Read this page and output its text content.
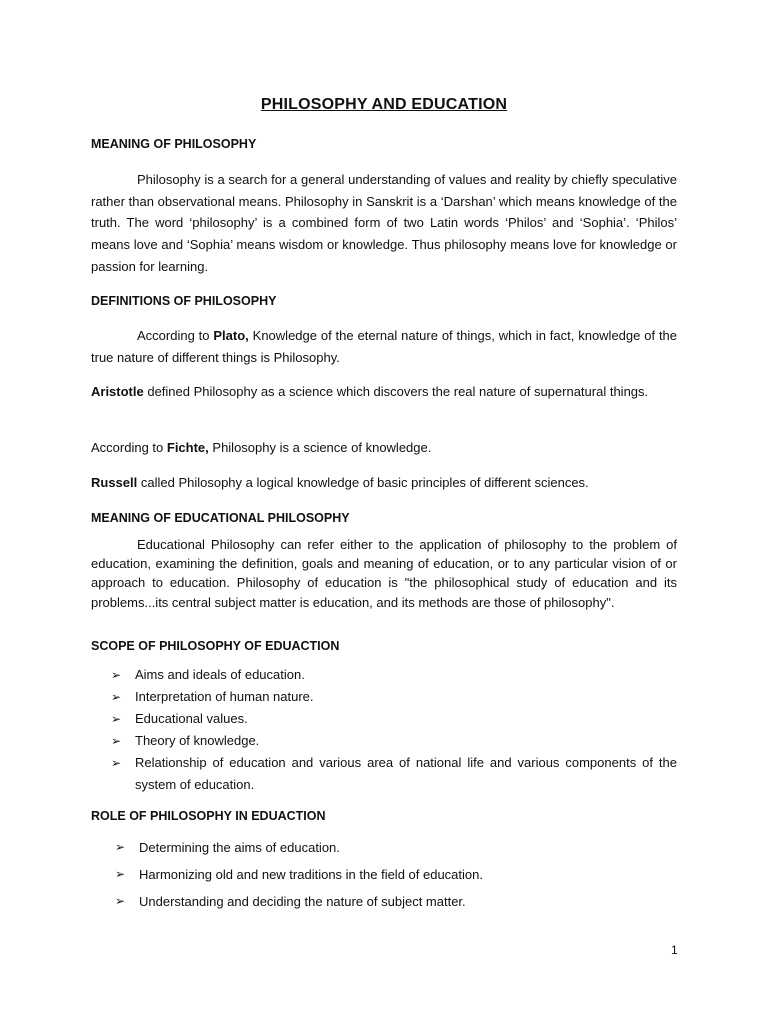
PHILOSOPHY AND EDUCATION
MEANING OF PHILOSOPHY
Philosophy is a search for a general understanding of values and reality by chiefly speculative rather than observational means. Philosophy in Sanskrit is a ‘Darshan’ which means knowledge of the truth. The word ‘philosophy’ is a combined form of two Latin words ‘Philos’ and ‘Sophia’. ‘Philos’ means love and ‘Sophia’ means wisdom or knowledge. Thus philosophy means love for knowledge or passion for learning.
DEFINITIONS OF PHILOSOPHY
According to Plato, Knowledge of the eternal nature of things, which in fact, knowledge of the true nature of different things is Philosophy.
Aristotle defined Philosophy as a science which discovers the real nature of supernatural things.
According to Fichte, Philosophy is a science of knowledge.
Russell called Philosophy a logical knowledge of basic principles of different sciences.
MEANING OF EDUCATIONAL PHILOSOPHY
Educational Philosophy can refer either to the application of philosophy to the problem of education, examining the definition, goals and meaning of education, or to any particular vision of or approach to education. Philosophy of education is "the philosophical study of education and its problems...its central subject matter is education, and its methods are those of philosophy".
SCOPE OF PHILOSOPHY OF EDUACTION
➢ Aims and ideals of education.
➢ Interpretation of human nature.
➢ Educational values.
➢ Theory of knowledge.
➢ Relationship of education and various area of national life and various components of the system of education.
ROLE OF PHILOSOPHY IN EDUACTION
➢ Determining the aims of education.
➢ Harmonizing old and new traditions in the field of education.
➢ Understanding and deciding the nature of subject matter.
1
